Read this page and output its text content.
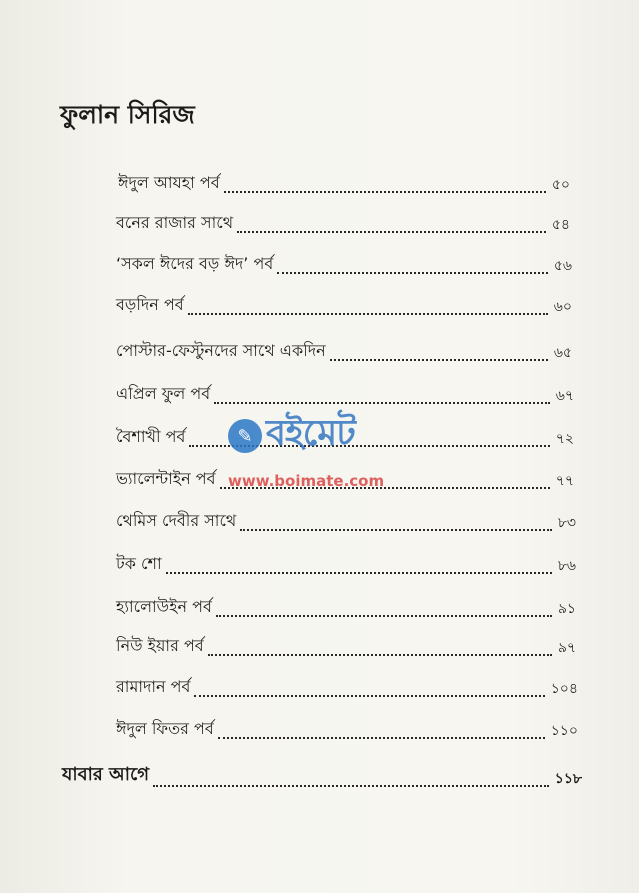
ফুলান সিরিজ
ঈদুল আযহা পর্ব	৫০
বনের রাজার সাথে	৫৪
‘সকল ঈদের বড় ঈদ’ পর্ব	৫৬
বড়দিন পর্ব	৬০
পোস্টার-ফেস্টুনদের সাথে একদিন	৬৫
এপ্রিল ফুল পর্ব	৬৭
বৈশাখী পর্ব	৭২
ভ্যালেন্টাইন পর্ব	৭৭
থেমিস দেবীর সাথে	৮৩
টক শো	৮৬
হ্যালোউইন পর্ব	৯১
নিউ ইয়ার পর্ব	৯৭
রামাদান পর্ব	১০৪
ঈদুল ফিতর পর্ব	১১০
যাবার আগে	১১৮
✎ বইমেট
www.boimate.com
